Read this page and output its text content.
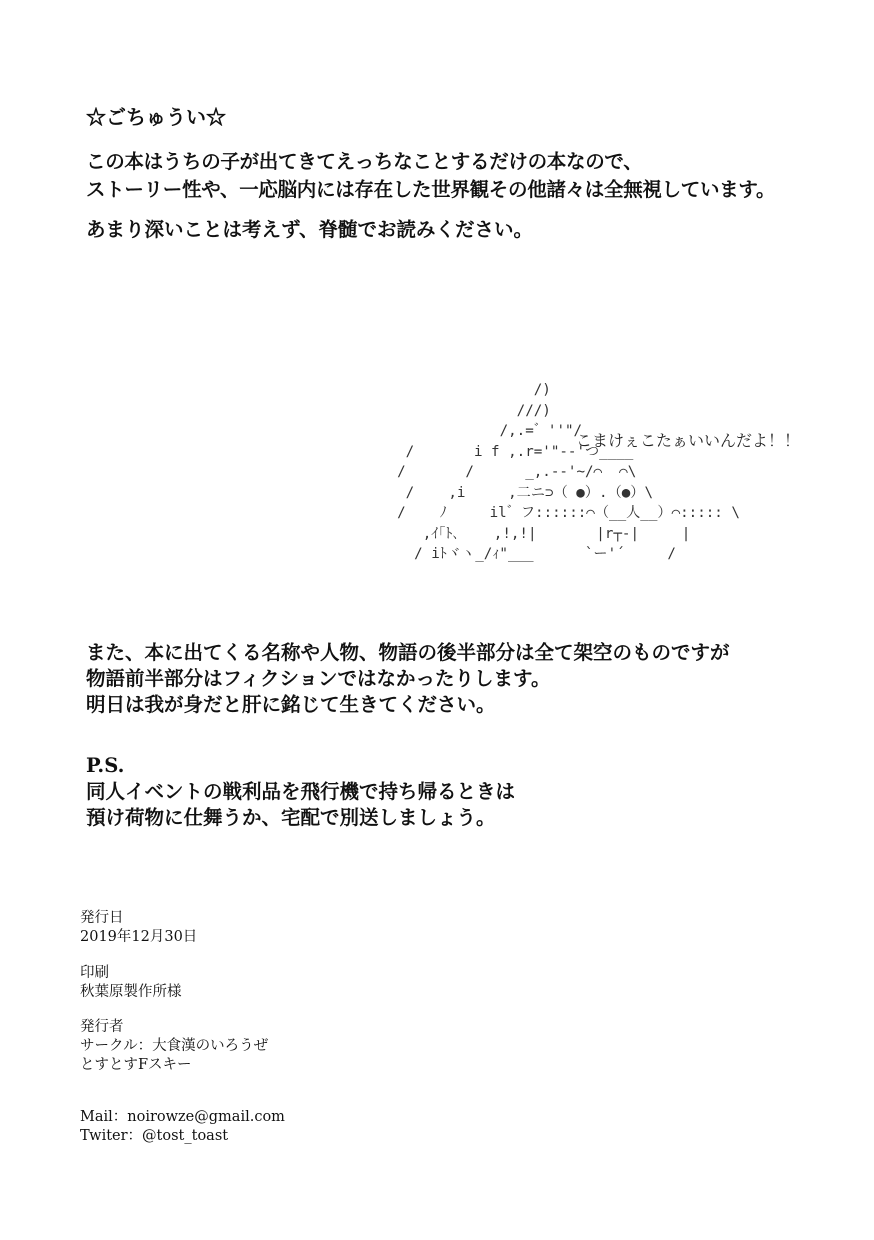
☆ごちゅうい☆
この本はうちの子が出てきてえっちなことするだけの本なので、
ストーリー性や、一応脳内には存在した世界観その他諸々は全無視しています。
あまり深いことは考えず、脊髄でお読みください。
/)
///)
/,.=゛''"/
/       i f ,.r='"-‐'つ____
/       /      _,.-‐'~/⌒  ⌒\
/    ,i     ,二ニ⊃（ ●）.（●）\
/    ﾉ     il゛フ::::::⌒（__人__）⌒::::: \
,ｲ｢ﾄ､    ,!,!|       |r┬-|     |
/ iﾄヾヽ_/ｨ"___      `ー'´     /
こまけぇこたぁいいんだよ！！
また、本に出てくる名称や人物、物語の後半部分は全て架空のものですが
物語前半部分はフィクションではなかったりします。
明日は我が身だと肝に銘じて生きてください。
P.S.
同人イベントの戦利品を飛行機で持ち帰るときは
預け荷物に仕舞うか、宅配で別送しましょう。
発行日
2019年12月30日
印刷
秋葉原製作所様
発行者
サークル：大食漢のいろうぜ
とすとすFスキー
Mail：noirowze@gmail.com
Twiter：@tost_toast
